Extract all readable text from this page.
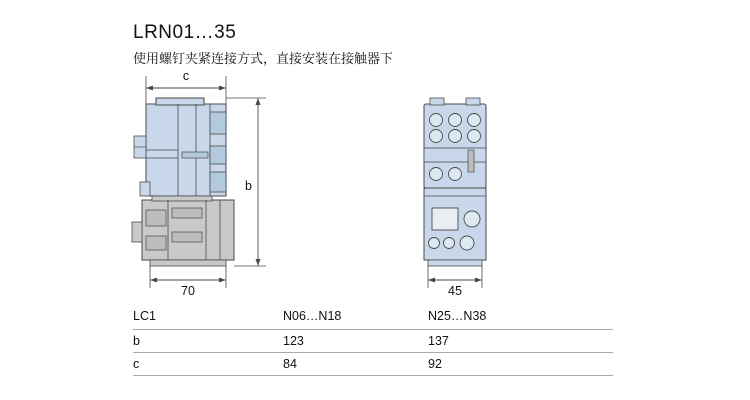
LRN01…35
使用螺钉夹紧连接方式，直接安装在接触器下
c
b
70	45
LC1	N06…N18	N25…N38
b	123	137
c	84	92
